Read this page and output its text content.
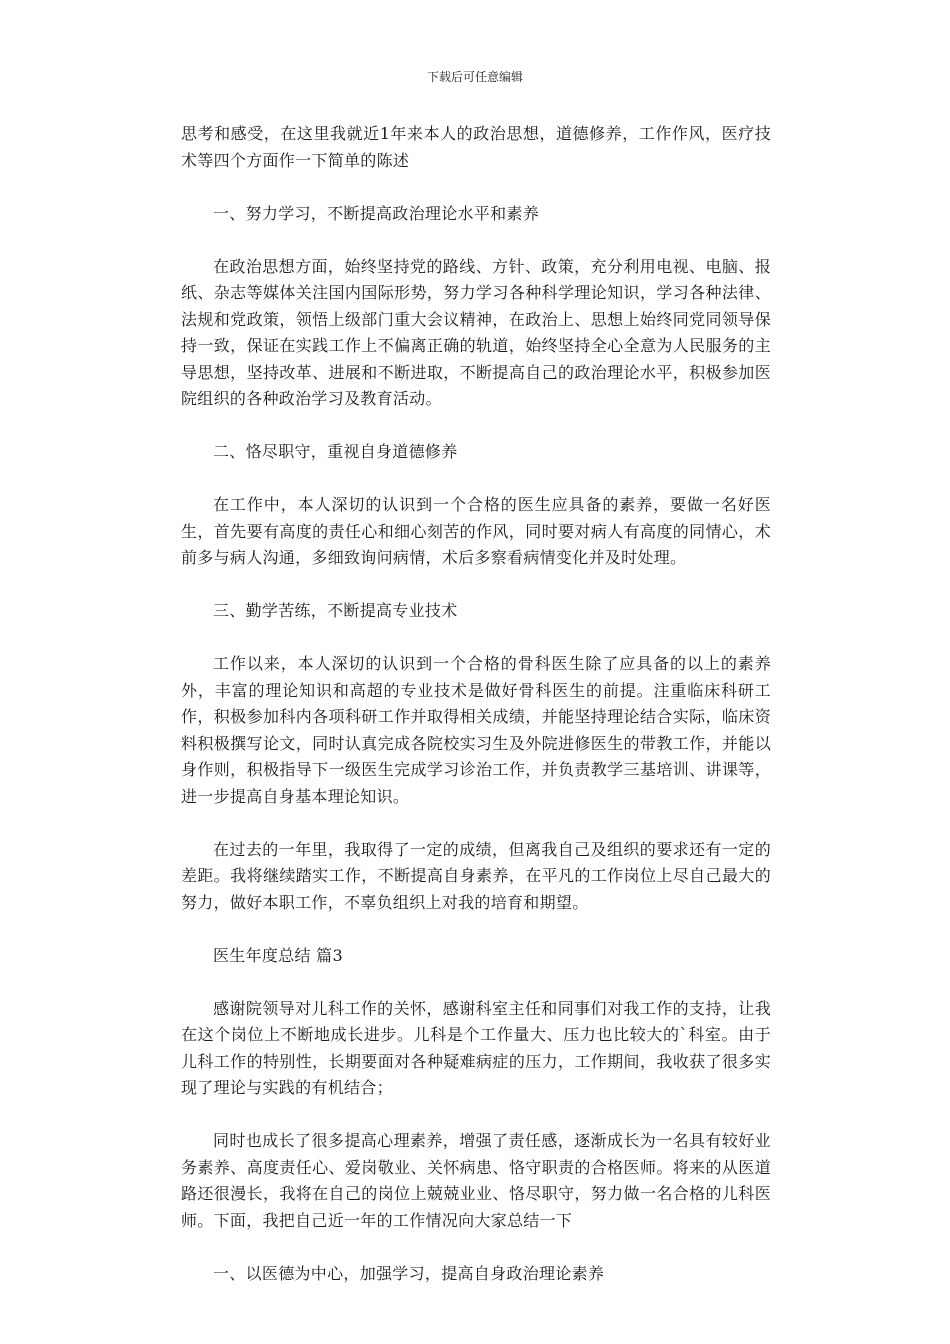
下载后可任意编辑

思考和感受，在这里我就近1年来本人的政治思想，道德修养，工作作风，医疗技术等四个方面作一下简单的陈述

一、努力学习，不断提高政治理论水平和素养

在政治思想方面，始终坚持党的路线、方针、政策，充分利用电视、电脑、报纸、杂志等媒体关注国内国际形势，努力学习各种科学理论知识，学习各种法律、法规和党政策，领悟上级部门重大会议精神，在政治上、思想上始终同党同领导保持一致，保证在实践工作上不偏离正确的轨道，始终坚持全心全意为人民服务的主导思想，坚持改革、进展和不断进取，不断提高自己的政治理论水平，积极参加医院组织的各种政治学习及教育活动。

二、恪尽职守，重视自身道德修养

在工作中，本人深切的认识到一个合格的医生应具备的素养，要做一名好医生，首先要有高度的责任心和细心刻苦的作风，同时要对病人有高度的同情心，术前多与病人沟通，多细致询问病情，术后多察看病情变化并及时处理。

三、勤学苦练，不断提高专业技术

工作以来，本人深切的认识到一个合格的骨科医生除了应具备的以上的素养外，丰富的理论知识和高超的专业技术是做好骨科医生的前提。注重临床科研工作，积极参加科内各项科研工作并取得相关成绩，并能坚持理论结合实际，临床资料积极撰写论文，同时认真完成各院校实习生及外院进修医生的带教工作，并能以身作则，积极指导下一级医生完成学习诊治工作，并负责教学三基培训、讲课等，进一步提高自身基本理论知识。

在过去的一年里，我取得了一定的成绩，但离我自己及组织的要求还有一定的差距。我将继续踏实工作，不断提高自身素养，在平凡的工作岗位上尽自己最大的努力，做好本职工作，不辜负组织上对我的培育和期望。

医生年度总结 篇3

感谢院领导对儿科工作的关怀，感谢科室主任和同事们对我工作的支持，让我在这个岗位上不断地成长进步。儿科是个工作量大、压力也比较大的`科室。由于儿科工作的特别性，长期要面对各种疑难病症的压力，工作期间，我收获了很多实现了理论与实践的有机结合；

同时也成长了很多提高心理素养，增强了责任感，逐渐成长为一名具有较好业务素养、高度责任心、爱岗敬业、关怀病患、恪守职责的合格医师。将来的从医道路还很漫长，我将在自己的岗位上兢兢业业、恪尽职守，努力做一名合格的儿科医师。下面，我把自己近一年的工作情况向大家总结一下

一、以医德为中心，加强学习，提高自身政治理论素养
